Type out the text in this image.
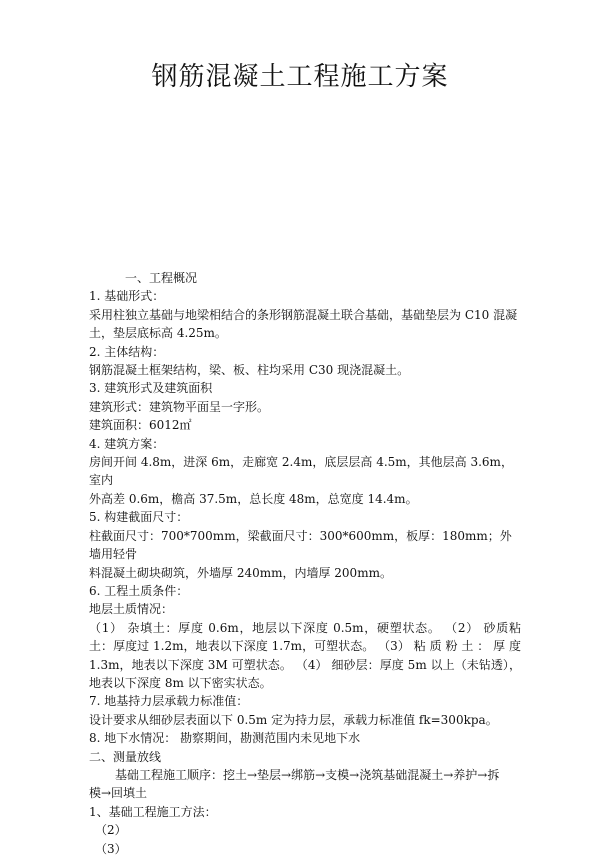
钢筋混凝土工程施工方案

一、工程概况

1. 基础形式：

采用柱独立基础与地梁相结合的条形钢筋混凝土联合基础，基础垫层为 C10 混凝

土，垫层底标高 4.25m。

2. 主体结构：

钢筋混凝土框架结构，梁、板、柱均采用 C30 现浇混凝土。

3. 建筑形式及建筑面积

建筑形式：建筑物平面呈一字形。

建筑面积：6012㎡

4. 建筑方案：

房间开间 4.8m，进深 6m，走廊宽 2.4m，底层层高 4.5m，其他层高 3.6m，室内

外高差 0.6m，檐高 37.5m，总长度 48m，总宽度 14.4m。

5. 构建截面尺寸：

柱截面尺寸：700*700mm，梁截面尺寸：300*600mm，板厚：180mm；外墙用轻骨

料混凝土砌块砌筑，外墙厚 240mm，内墙厚 200mm。

6. 工程土质条件：

地层土质情况：

（1） 杂填土：厚度 0.6m，地层以下深度 0.5m，硬塑状态。 （2） 砂质粘

土：厚度过 1.2m，地表以下深度 1.7m，可塑状态。 （3） 粘 质 粉 土 ： 厚 度

1.3m，地表以下深度 3M 可塑状态。 （4） 细砂层：厚度 5m 以上（未钻透），

地表以下深度 8m 以下密实状态。

7. 地基持力层承载力标准值：

设计要求从细砂层表面以下 0.5m 定为持力层，承载力标准值 fk=300kpa。

8. 地下水情况： 勘察期间，勘测范围内未见地下水

二、测量放线

基础工程施工顺序：挖土→垫层→绑筋→支模→浇筑基础混凝土→养护→拆

模→回填土

1、基础工程施工方法：

（2）

（3）
